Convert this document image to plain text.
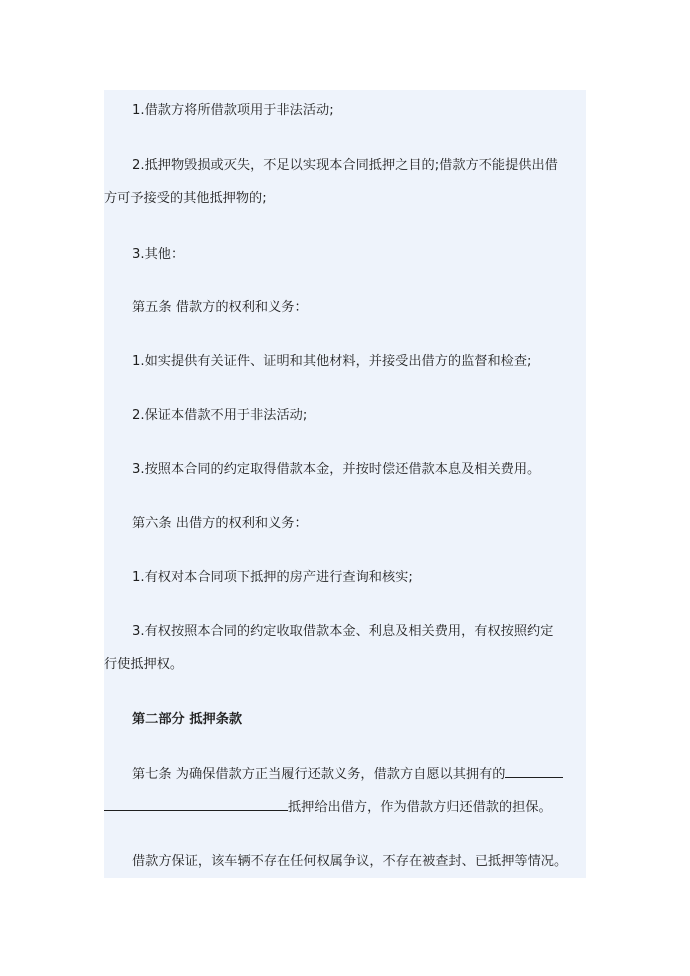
1.借款方将所借款项用于非法活动;
2.抵押物毁损或灭失，不足以实现本合同抵押之目的;借款方不能提供出借
方可予接受的其他抵押物的;
3.其他：
第五条 借款方的权利和义务：
1.如实提供有关证件、证明和其他材料，并接受出借方的监督和检查;
2.保证本借款不用于非法活动;
3.按照本合同的约定取得借款本金，并按时偿还借款本息及相关费用。
第六条 出借方的权利和义务：
1.有权对本合同项下抵押的房产进行查询和核实;
3.有权按照本合同的约定收取借款本金、利息及相关费用，有权按照约定
行使抵押权。
第二部分 抵押条款
第七条 为确保借款方正当履行还款义务，借款方自愿以其拥有的
抵押给出借方，作为借款方归还借款的担保。
借款方保证，该车辆不存在任何权属争议，不存在被查封、已抵押等情况。
